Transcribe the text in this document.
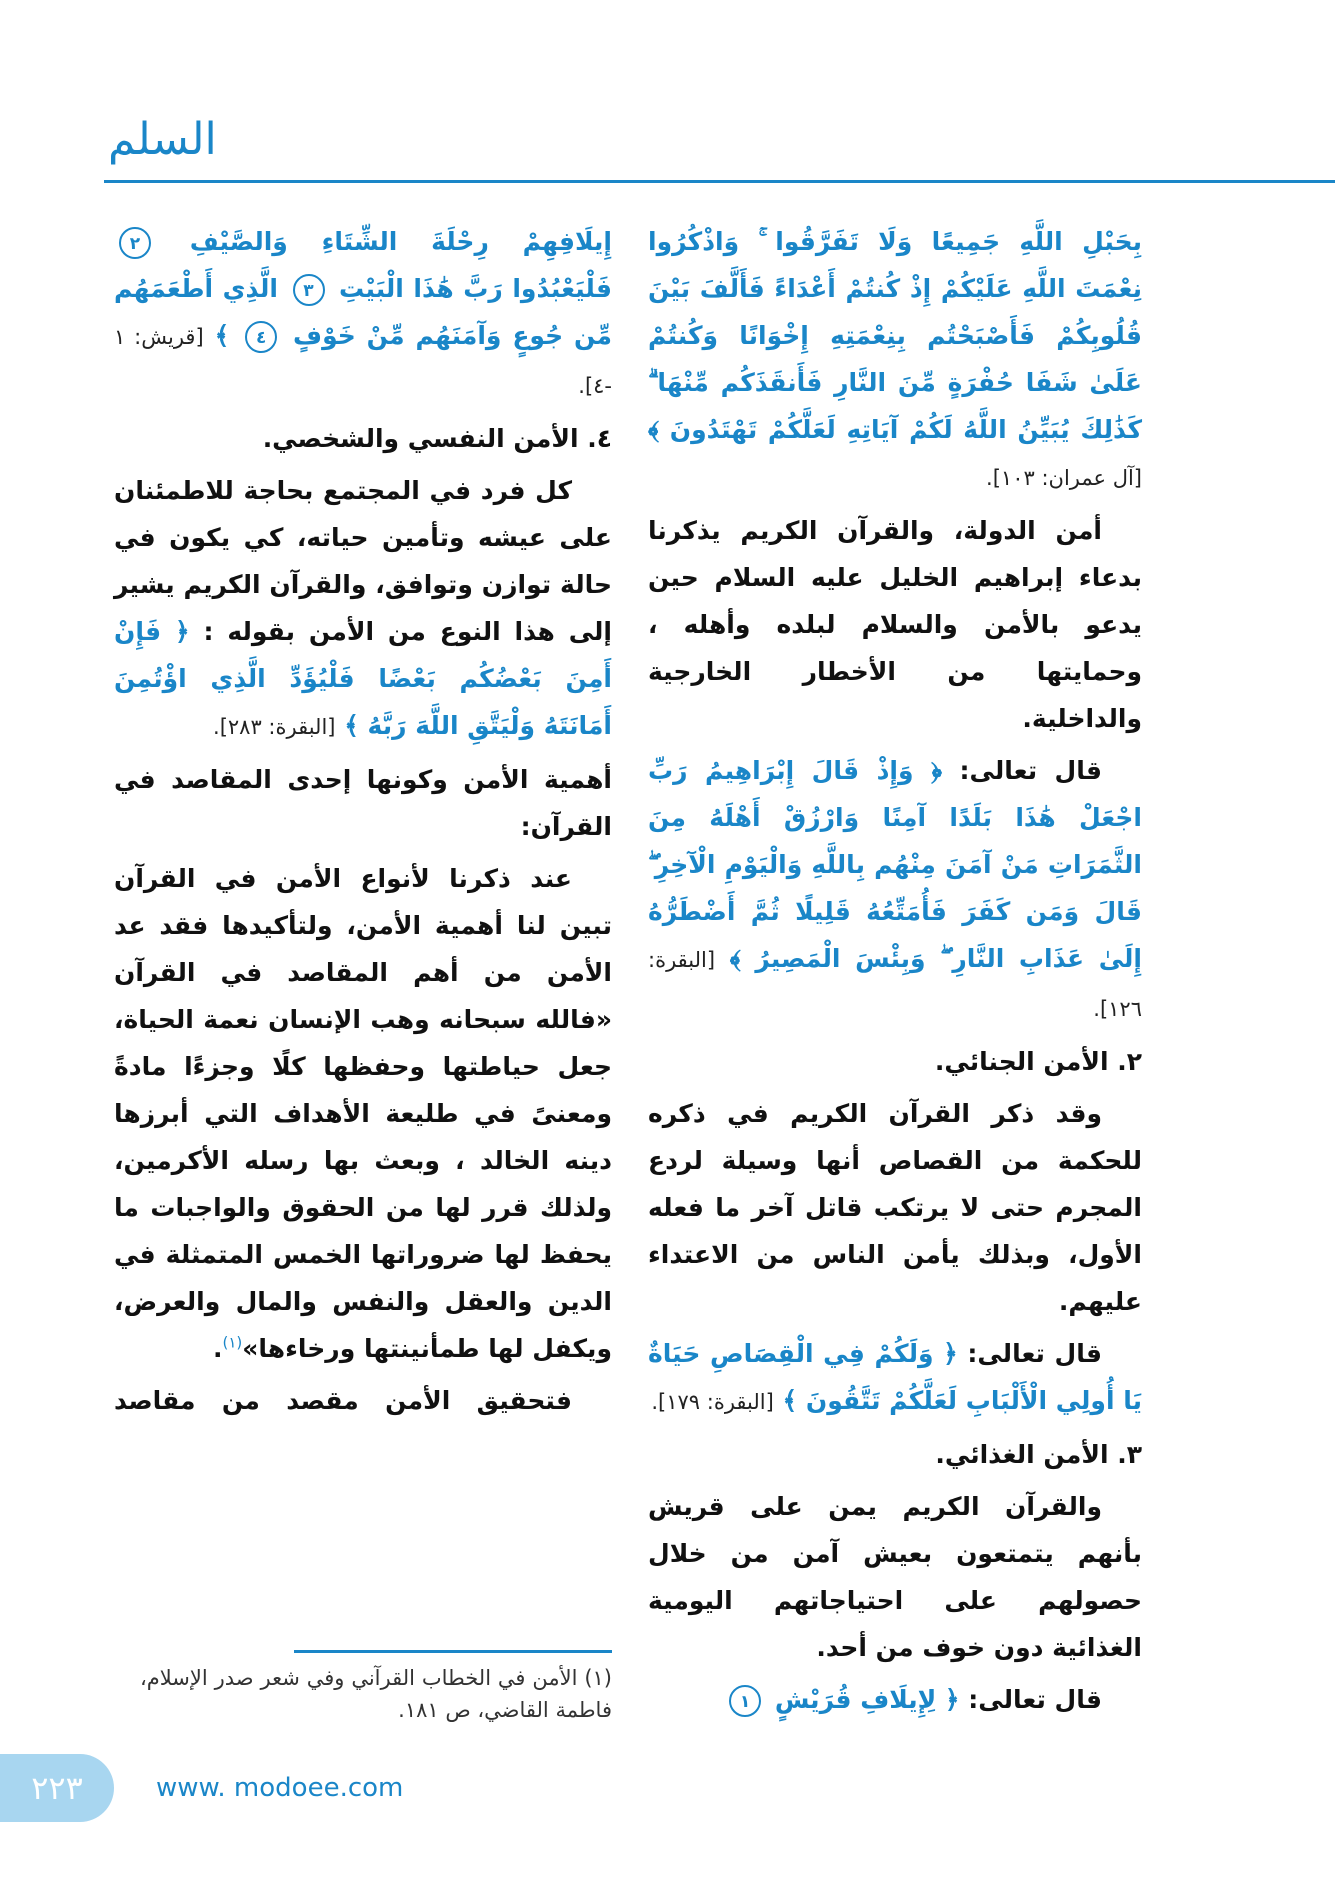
السلم

بِحَبْلِ اللَّهِ جَمِيعًا وَلَا تَفَرَّقُوا ۚ وَاذْكُرُوا نِعْمَتَ اللَّهِ عَلَيْكُمْ إِذْ كُنتُمْ أَعْدَاءً فَأَلَّفَ بَيْنَ قُلُوبِكُمْ فَأَصْبَحْتُم بِنِعْمَتِهِ إِخْوَانًا وَكُنتُمْ عَلَىٰ شَفَا حُفْرَةٍ مِّنَ النَّارِ فَأَنقَذَكُم مِّنْهَا ۗ كَذَٰلِكَ يُبَيِّنُ اللَّهُ لَكُمْ آيَاتِهِ لَعَلَّكُمْ تَهْتَدُونَ ﴾ [آل عمران: ١٠٣].

أمن الدولة، والقرآن الكريم يذكرنا بدعاء إبراهيم الخليل عليه السلام حين يدعو بالأمن والسلام لبلده وأهله ، وحمايتها من الأخطار الخارجية والداخلية.

قال تعالى: ﴿ وَإِذْ قَالَ إِبْرَاهِيمُ رَبِّ اجْعَلْ هَٰذَا بَلَدًا آمِنًا وَارْزُقْ أَهْلَهُ مِنَ الثَّمَرَاتِ مَنْ آمَنَ مِنْهُم بِاللَّهِ وَالْيَوْمِ الْآخِرِ ۖ قَالَ وَمَن كَفَرَ فَأُمَتِّعُهُ قَلِيلًا ثُمَّ أَضْطَرُّهُ إِلَىٰ عَذَابِ النَّارِ ۖ وَبِئْسَ الْمَصِيرُ ﴾ [البقرة: ١٢٦].

٢. الأمن الجنائي.

وقد ذكر القرآن الكريم في ذكره للحكمة من القصاص أنها وسيلة لردع المجرم حتى لا يرتكب قاتل آخر ما فعله الأول، وبذلك يأمن الناس من الاعتداء عليهم.

قال تعالى: ﴿ وَلَكُمْ فِي الْقِصَاصِ حَيَاةٌ يَا أُولِي الْأَلْبَابِ لَعَلَّكُمْ تَتَّقُونَ ﴾ [البقرة: ١٧٩].

٣. الأمن الغذائي.

والقرآن الكريم يمن على قريش بأنهم يتمتعون بعيش آمن من خلال حصولهم على احتياجاتهم اليومية الغذائية دون خوف من أحد.

قال تعالى: ﴿ لِإِيلَافِ قُرَيْشٍ ١

إِيلَافِهِمْ رِحْلَةَ الشِّتَاءِ وَالصَّيْفِ ٢ فَلْيَعْبُدُوا رَبَّ هَٰذَا الْبَيْتِ ٣ الَّذِي أَطْعَمَهُم مِّن جُوعٍ وَآمَنَهُم مِّنْ خَوْفٍ ٤ ﴾ [قريش: ١ -٤].

٤. الأمن النفسي والشخصي.

كل فرد في المجتمع بحاجة للاطمئنان على عيشه وتأمين حياته، كي يكون في حالة توازن وتوافق، والقرآن الكريم يشير إلى هذا النوع من الأمن بقوله : ﴿ فَإِنْ أَمِنَ بَعْضُكُم بَعْضًا فَلْيُؤَدِّ الَّذِي اؤْتُمِنَ أَمَانَتَهُ وَلْيَتَّقِ اللَّهَ رَبَّهُ ﴾ [البقرة: ٢٨٣].

أهمية الأمن وكونها إحدى المقاصد في القرآن:

عند ذكرنا لأنواع الأمن في القرآن تبين لنا أهمية الأمن، ولتأكيدها فقد عد الأمن من أهم المقاصد في القرآن «فالله سبحانه وهب الإنسان نعمة الحياة، جعل حياطتها وحفظها كلًا وجزءًا مادةً ومعنىً في طليعة الأهداف التي أبرزها دينه الخالد ، وبعث بها رسله الأكرمين، ولذلك قرر لها من الحقوق والواجبات ما يحفظ لها ضروراتها الخمس المتمثلة في الدين والعقل والنفس والمال والعرض، ويكفل لها طمأنينتها ورخاءها»$^{(١)}$.

فتحقيق الأمن مقصد من مقاصد

(١) الأمن في الخطاب القرآني وفي شعر صدر الإسلام، فاطمة القاضي، ص ١٨١.
٢٢٣	www. modoee.com
